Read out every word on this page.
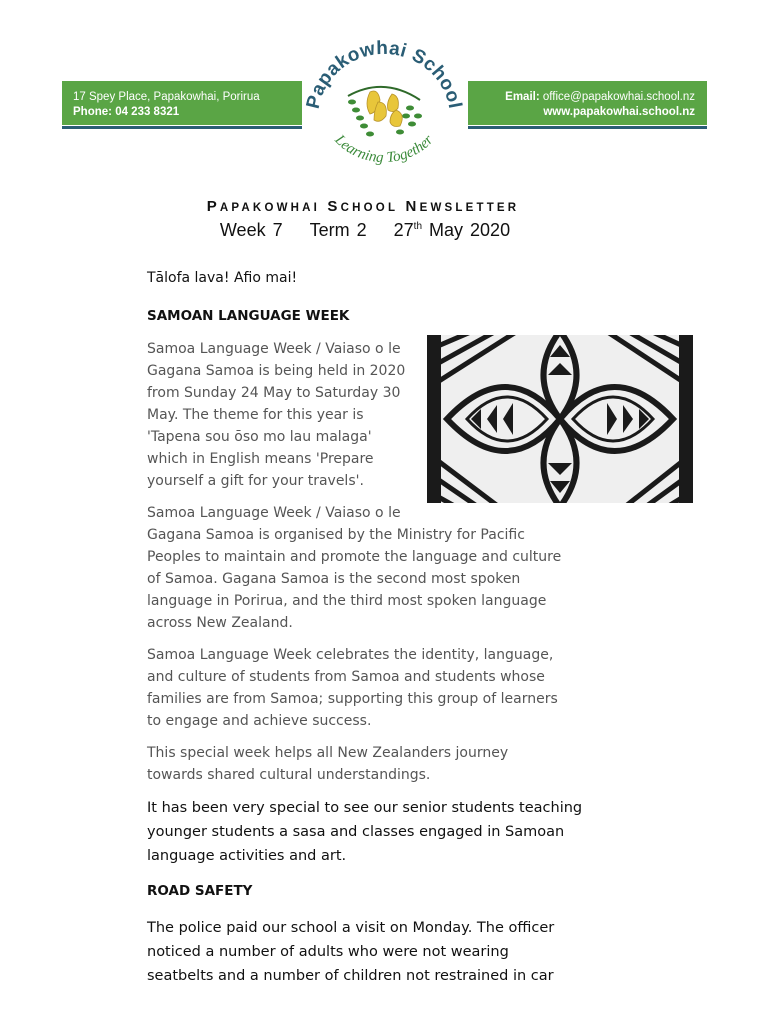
17 Spey Place, Papakowhai, Porirua
Phone: 04 233 8321
Email: office@papakowhai.school.nz
www.papakowhai.school.nz
Papakowhai School
Learning Together
PAPAKOWHAI SCHOOL NEWSLETTER
Week 7 Term 2 27th May 2020
Tālofa lava! Afio mai!
SAMOAN LANGUAGE WEEK
Samoa Language Week / Vaiaso o le
Gagana Samoa is being held in 2020
from Sunday 24 May to Saturday 30
May. The theme for this year is
'Tapena sou ōso mo lau malaga'
which in English means 'Prepare
yourself a gift for your travels'.
Samoa Language Week / Vaiaso o le
Gagana Samoa is organised by the Ministry for Pacific
Peoples to maintain and promote the language and culture
of Samoa. Gagana Samoa is the second most spoken
language in Porirua, and the third most spoken language
across New Zealand.
Samoa Language Week celebrates the identity, language,
and culture of students from Samoa and students whose
families are from Samoa; supporting this group of learners
to engage and achieve success.
This special week helps all New Zealanders journey
towards shared cultural understandings.
It has been very special to see our senior students teaching
younger students a sasa and classes engaged in Samoan
language activities and art.
ROAD SAFETY
The police paid our school a visit on Monday. The officer
noticed a number of adults who were not wearing
seatbelts and a number of children not restrained in car
